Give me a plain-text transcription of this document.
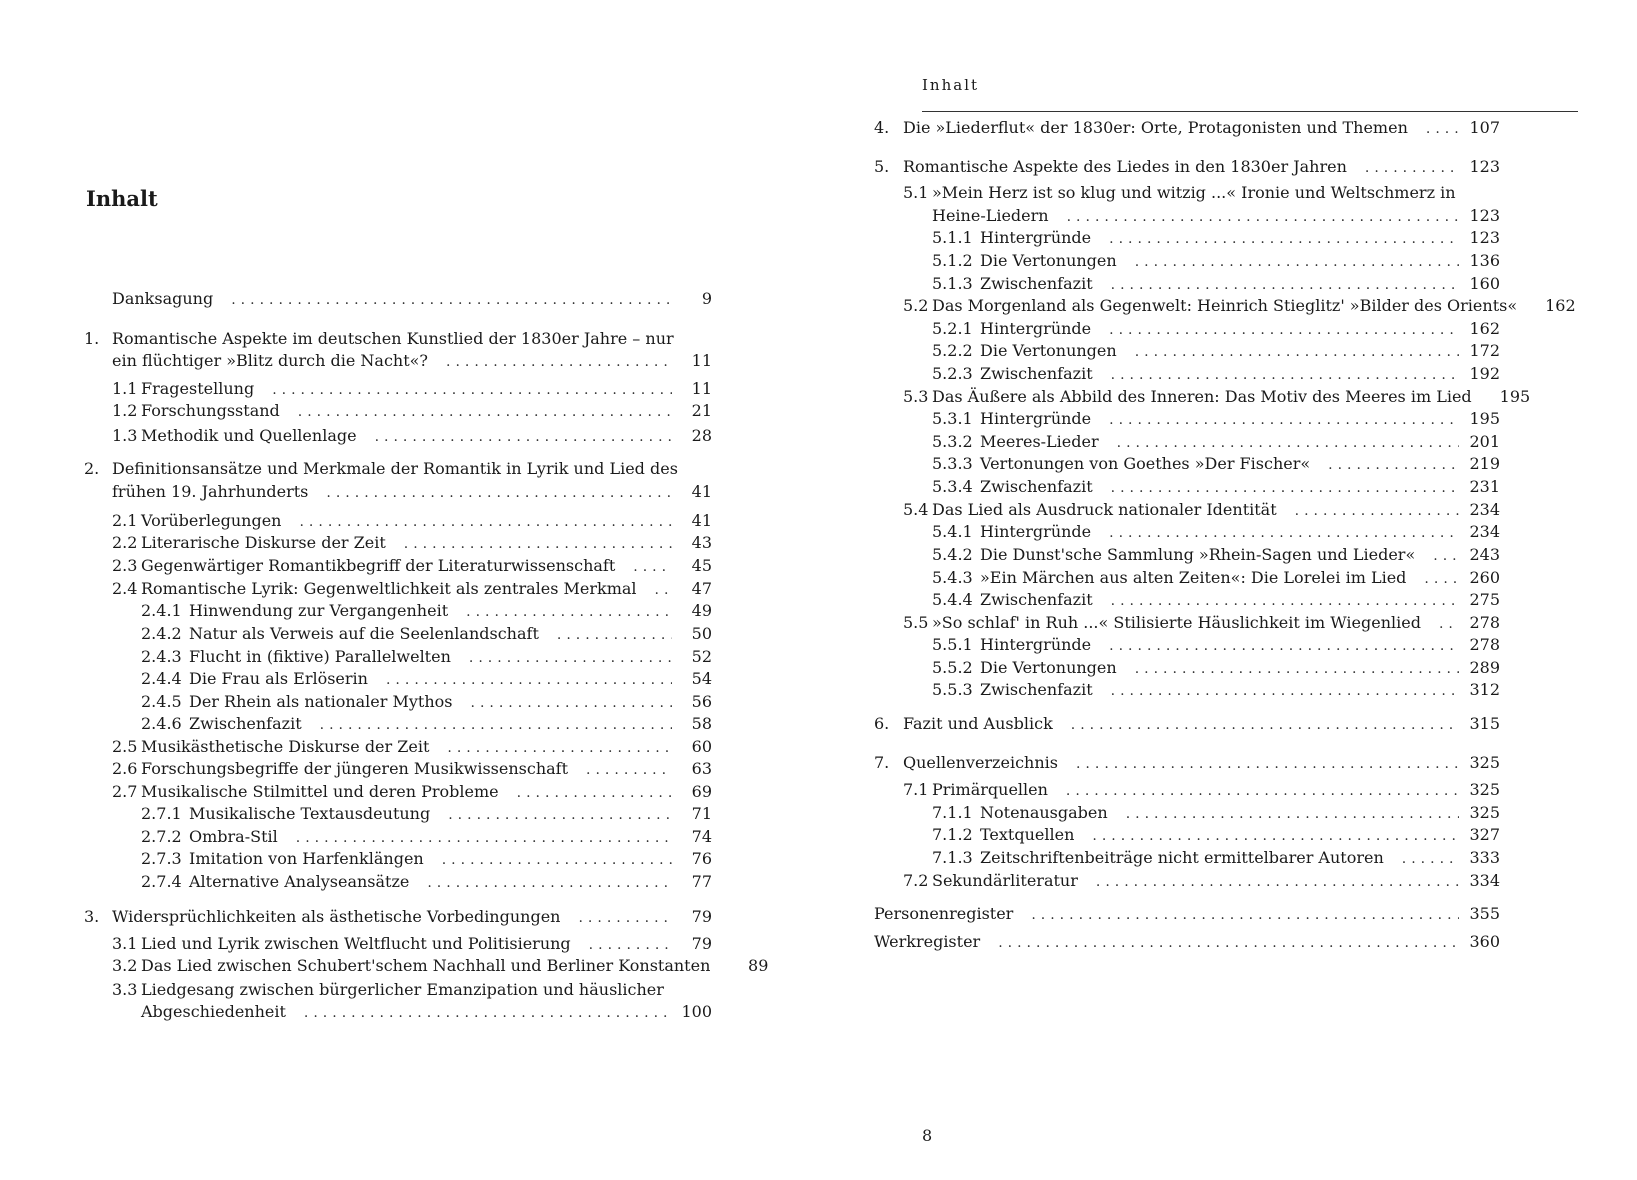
Inhalt
Danksagung .....	9
1. Romantische Aspekte im deutschen Kunstlied der 1830er Jahre – nur
ein flüchtiger »Blitz durch die Nacht«? .....	11
1.1 Fragestellung .....	11
1.2 Forschungsstand .....	21
1.3 Methodik und Quellenlage .....	28
2. Definitionsansätze und Merkmale der Romantik in Lyrik und Lied des
frühen 19. Jahrhunderts .....	41
2.1 Vorüberlegungen .....	41
2.2 Literarische Diskurse der Zeit .....	43
2.3 Gegenwärtiger Romantikbegriff der Literaturwissenschaft .....	45
2.4 Romantische Lyrik: Gegenweltlichkeit als zentrales Merkmal .....	47
2.4.1 Hinwendung zur Vergangenheit .....	49
2.4.2 Natur als Verweis auf die Seelenlandschaft .....	50
2.4.3 Flucht in (fiktive) Parallelwelten .....	52
2.4.4 Die Frau als Erlöserin .....	54
2.4.5 Der Rhein als nationaler Mythos .....	56
2.4.6 Zwischenfazit .....	58
2.5 Musikästhetische Diskurse der Zeit .....	60
2.6 Forschungsbegriffe der jüngeren Musikwissenschaft .....	63
2.7 Musikalische Stilmittel und deren Probleme .....	69
2.7.1 Musikalische Textausdeutung .....	71
2.7.2 Ombra-Stil .....	74
2.7.3 Imitation von Harfenklängen .....	76
2.7.4 Alternative Analyseansätze .....	77
3. Widersprüchlichkeiten als ästhetische Vorbedingungen .....	79
3.1 Lied und Lyrik zwischen Weltflucht und Politisierung .....	79
3.2 Das Lied zwischen Schubert'schem Nachhall und Berliner Konstanten	89
3.3 Liedgesang zwischen bürgerlicher Emanzipation und häuslicher
Abgeschiedenheit .....	100
Inhalt
4. Die »Liederflut« der 1830er: Orte, Protagonisten und Themen .....	107
5. Romantische Aspekte des Liedes in den 1830er Jahren .....	123
5.1 »Mein Herz ist so klug und witzig ...« Ironie und Weltschmerz in
Heine-Liedern .....	123
5.1.1 Hintergründe .....	123
5.1.2 Die Vertonungen .....	136
5.1.3 Zwischenfazit .....	160
5.2 Das Morgenland als Gegenwelt: Heinrich Stieglitz' »Bilder des Orients« 162
5.2.1 Hintergründe .....	162
5.2.2 Die Vertonungen .....	172
5.2.3 Zwischenfazit .....	192
5.3 Das Äußere als Abbild des Inneren: Das Motiv des Meeres im Lied 195
5.3.1 Hintergründe .....	195
5.3.2 Meeres-Lieder .....	201
5.3.3 Vertonungen von Goethes »Der Fischer« .....	219
5.3.4 Zwischenfazit .....	231
5.4 Das Lied als Ausdruck nationaler Identität .....	234
5.4.1 Hintergründe .....	234
5.4.2 Die Dunst'sche Sammlung »Rhein-Sagen und Lieder« .....	243
5.4.3 »Ein Märchen aus alten Zeiten«: Die Lorelei im Lied .....	260
5.4.4 Zwischenfazit .....	275
5.5 »So schlaf' in Ruh ...« Stilisierte Häuslichkeit im Wiegenlied .....	278
5.5.1 Hintergründe .....	278
5.5.2 Die Vertonungen .....	289
5.5.3 Zwischenfazit .....	312
6. Fazit und Ausblick .....	315
7. Quellenverzeichnis .....	325
7.1 Primärquellen .....	325
7.1.1 Notenausgaben .....	325
7.1.2 Textquellen .....	327
7.1.3 Zeitschriftenbeiträge nicht ermittelbarer Autoren .....	333
7.2 Sekundärliteratur .....	334
Personenregister .....	355
Werkregister .....	360
8
